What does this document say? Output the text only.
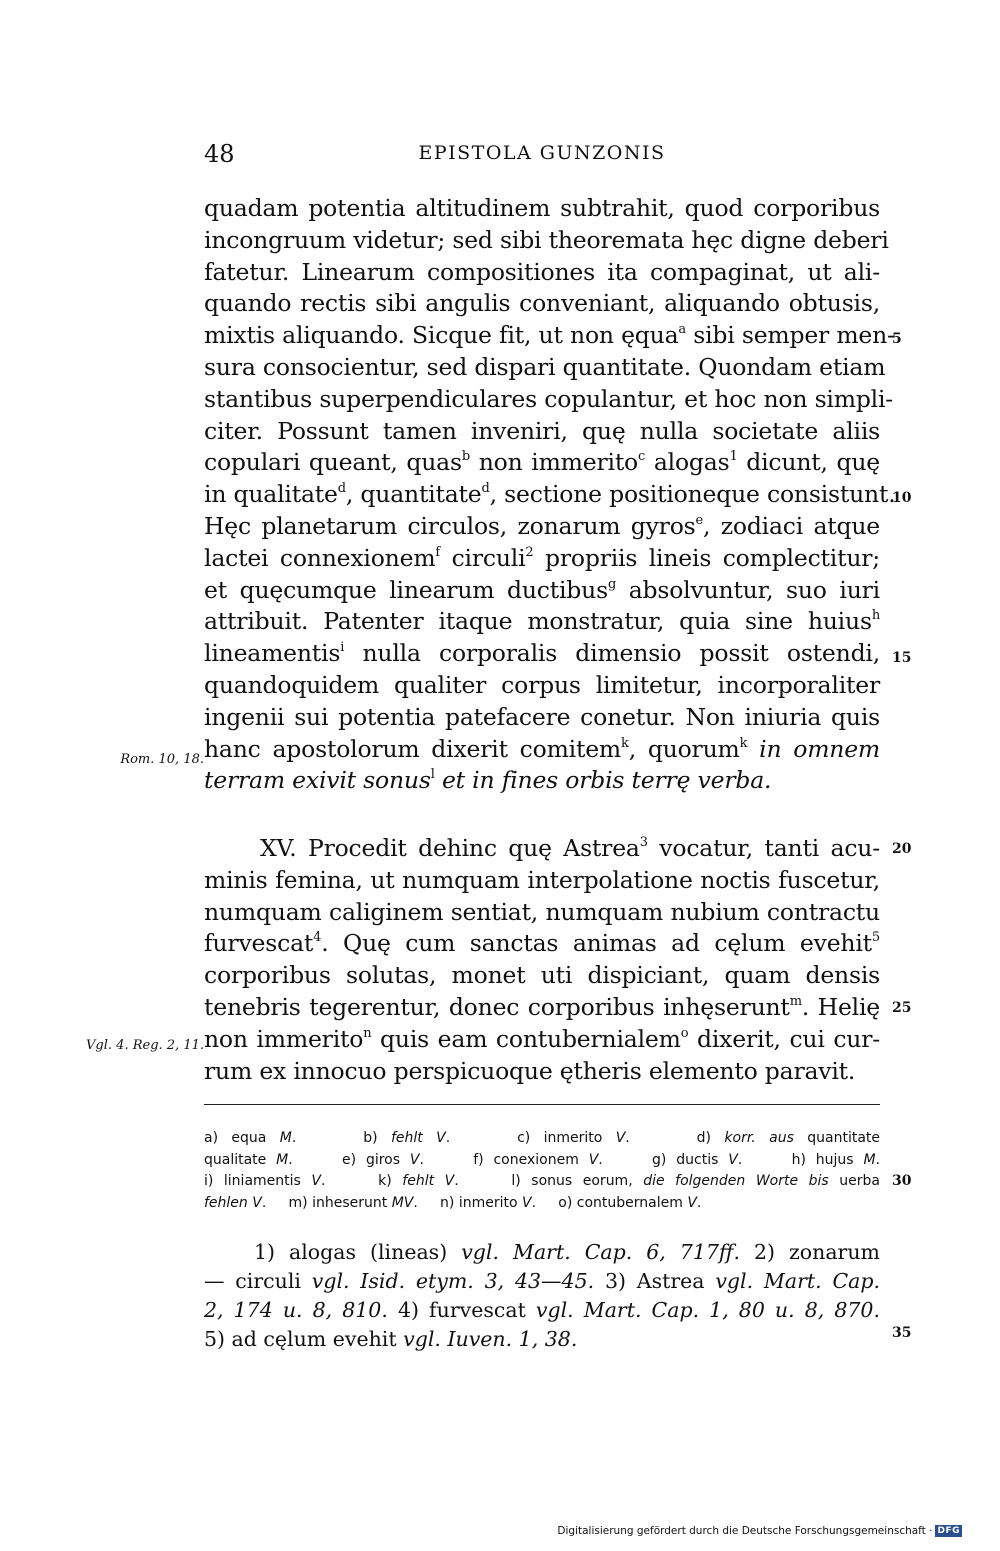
48	EPISTOLA GUNZONIS
quadam potentia altitudinem subtrahit, quod corporibus
incongruum videtur; sed sibi theoremata hęc digne deberi
fatetur. Linearum compositiones ita compaginat, ut ali-
quando rectis sibi angulis conveniant, aliquando obtusis,
mixtis aliquando. Sicque fit, ut non ęqua$^a$ sibi semper men-
sura consocientur, sed dispari quantitate. Quondam etiam
stantibus superpendiculares copulantur, et hoc non simpli-
citer. Possunt tamen inveniri, quę nulla societate aliis
copulari queant, quas$^b$ non immerito$^c$ alogas$^1$ dicunt, quę
in qualitate$^d$, quantitate$^d$, sectione positioneque consistunt.
Hęc planetarum circulos, zonarum gyros$^e$, zodiaci atque
lactei connexionem$^f$ circuli$^2$ propriis lineis complectitur;
et quęcumque linearum ductibus$^g$ absolvuntur, suo iuri
attribuit. Patenter itaque monstratur, quia sine huius$^h$
lineamentis$^i$ nulla corporalis dimensio possit ostendi,
quandoquidem qualiter corpus limitetur, incorporaliter
ingenii sui potentia patefacere conetur. Non iniuria quis
hanc apostolorum dixerit comitem$^k$, quorum$^k$ in omnem
terram exivit sonus$^l$ et in fines orbis terrę verba.
XV. Procedit dehinc quę Astrea$^3$ vocatur, tanti acu-
minis femina, ut numquam interpolatione noctis fuscetur,
numquam caliginem sentiat, numquam nubium contractu
furvescat$^4$. Quę cum sanctas animas ad cęlum evehit$^5$
corporibus solutas, monet uti dispiciant, quam densis
tenebris tegerentur, donec corporibus inhęserunt$^m$. Helię
non immerito$^n$ quis eam contubernialem$^o$ dixerit, cui cur-
rum ex innocuo perspicuoque ętheris elemento paravit.
Rom. 10, 18.
Vgl. 4. Reg. 2, 11.
5
10
15
20
25
30
35
a) equa M.     b) fehlt V.     c) inmerito V.     d) korr. aus quantitate
qualitate M.     e) giros V.     f) conexionem V.     g) ductis V.     h) hujus M.
i) liniamentis V.     k) fehlt V.     l) sonus eorum, die folgenden Worte bis uerba
fehlen V.     m) inheserunt MV.     n) inmerito V.     o) contubernalem V.
1) alogas (lineas) vgl. Mart. Cap. 6, 717ff. 2) zonarum
— circuli vgl. Isid. etym. 3, 43—45. 3) Astrea vgl. Mart. Cap.
2, 174 u. 8, 810. 4) furvescat vgl. Mart. Cap. 1, 80 u. 8, 870.
5) ad cęlum evehit vgl. Iuven. 1, 38.
Digitalisierung gefördert durch die Deutsche Forschungsgemeinschaft · DFG
